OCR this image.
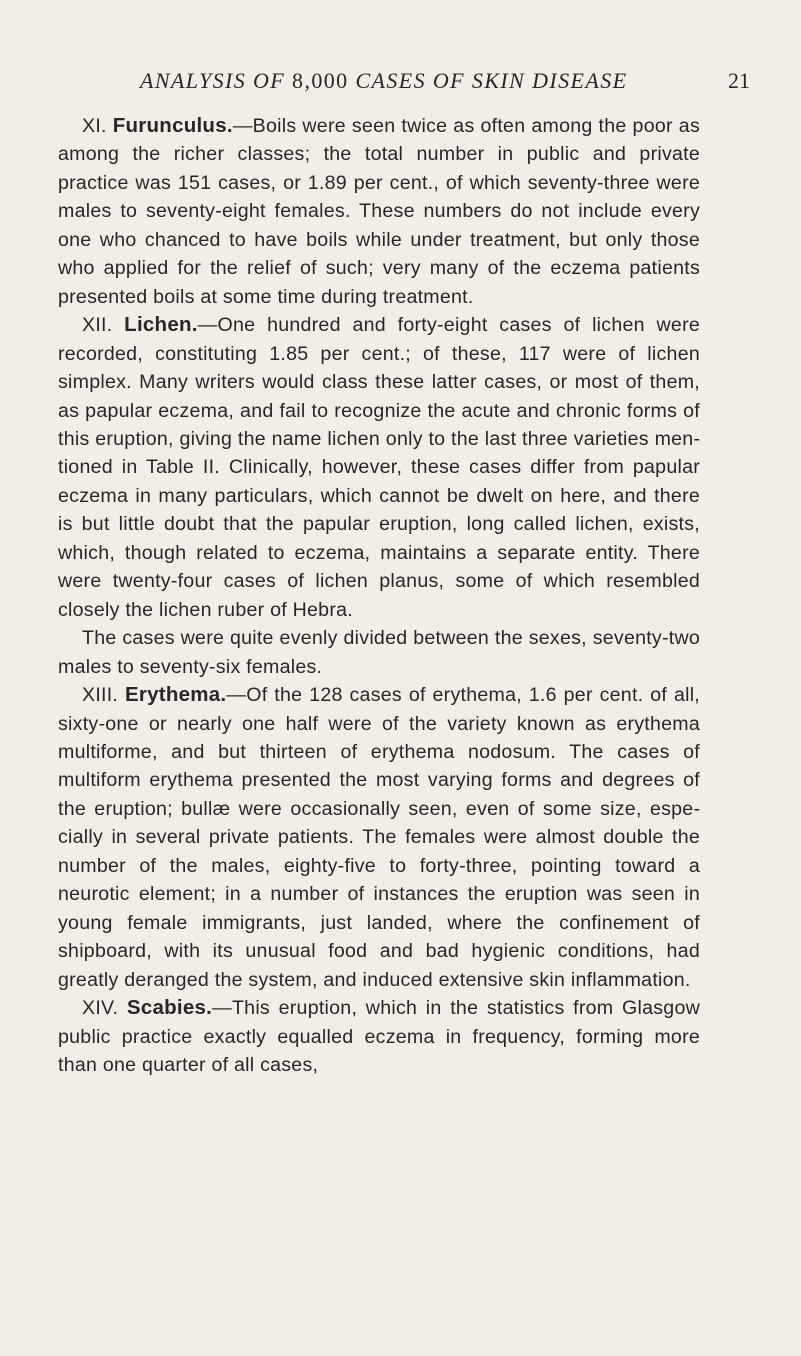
ANALYSIS OF 8,000 CASES OF SKIN DISEASE	21

XI. Furunculus.—Boils were seen twice as often among the poor as among the richer classes; the total number in public and private practice was 151 cases, or 1.89 per cent., of which seventy-three were males to seventy-eight females. These numbers do not include every one who chanced to have boils while under treatment, but only those who applied for the relief of such; very many of the eczema patients presented boils at some time during treatment.

XII. Lichen.—One hundred and forty-eight cases of lichen were recorded, constituting 1.85 per cent.; of these, 117 were of lichen simplex. Many writers would class these latter cases, or most of them, as papular eczema, and fail to recognize the acute and chronic forms of this eruption, giving the name lichen only to the last three varieties mentioned in Table II. Clinically, however, these cases differ from papular eczema in many particulars, which cannot be dwelt on here, and there is but little doubt that the papular eruption, long called lichen, exists, which, though related to eczema, maintains a separate entity. There were twenty-four cases of lichen planus, some of which resembled closely the lichen ruber of Hebra.

The cases were quite evenly divided between the sexes, seventy-two males to seventy-six females.

XIII. Erythema.—Of the 128 cases of erythema, 1.6 per cent. of all, sixty-one or nearly one half were of the variety known as erythema multiforme, and but thirteen of erythema nodosum. The cases of multiform erythema presented the most varying forms and degrees of the eruption; bullæ were occasionally seen, even of some size, especially in several private patients. The females were almost double the number of the males, eighty-five to forty-three, pointing toward a neurotic element; in a number of instances the eruption was seen in young female immigrants, just landed, where the confinement of shipboard, with its unusual food and bad hygienic conditions, had greatly deranged the system, and induced extensive skin inflammation.

XIV. Scabies.—This eruption, which in the statistics from Glasgow public practice exactly equalled eczema in frequency, forming more than one quarter of all cases,
